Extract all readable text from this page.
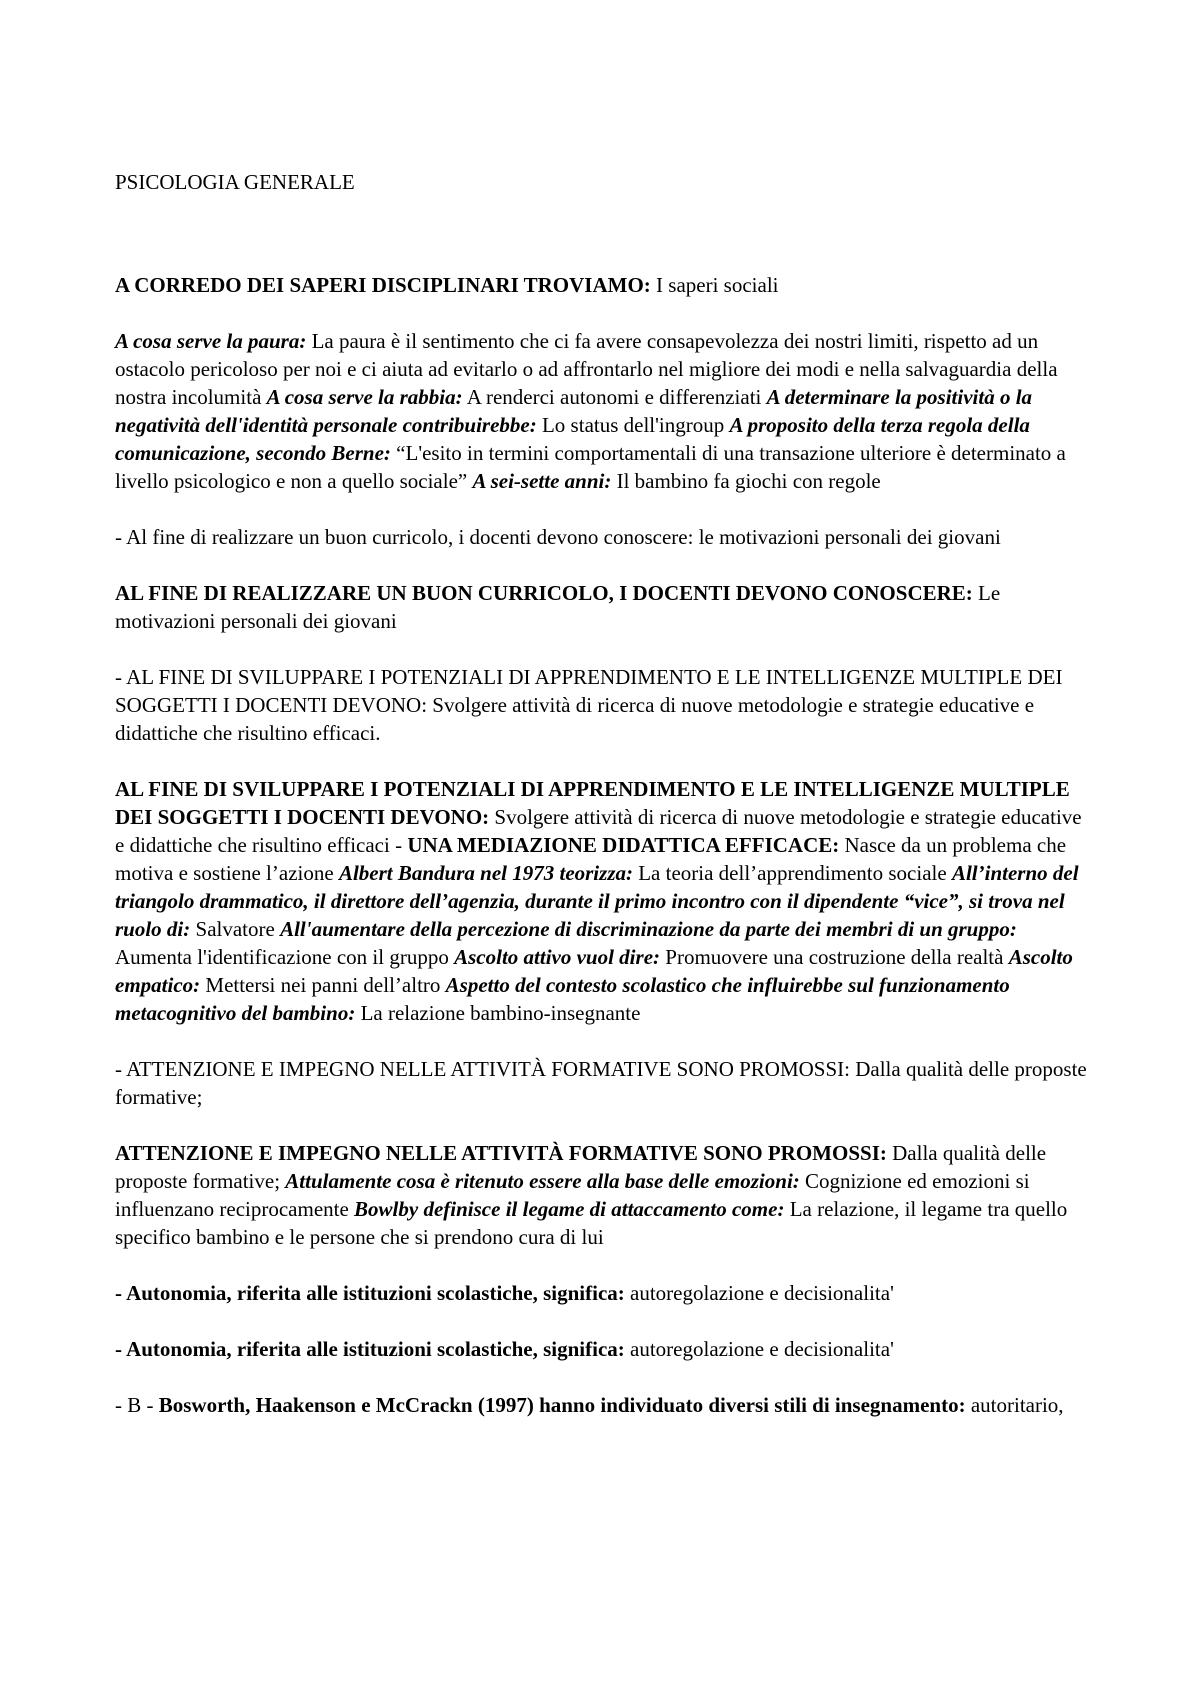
PSICOLOGIA GENERALE

A CORREDO DEI SAPERI DISCIPLINARI TROVIAMO: I saperi sociali

A cosa serve la paura: La paura è il sentimento che ci fa avere consapevolezza dei nostri limiti, rispetto ad un ostacolo pericoloso per noi e ci aiuta ad evitarlo o ad affrontarlo nel migliore dei modi e nella salvaguardia della nostra incolumità A cosa serve la rabbia: A renderci autonomi e differenziati A determinare la positività o la negatività dell'identità personale contribuirebbe: Lo status dell'ingroup A proposito della terza regola della comunicazione, secondo Berne: “L'esito in termini comportamentali di una transazione ulteriore è determinato a livello psicologico e non a quello sociale” A sei-sette anni: Il bambino fa giochi con regole

- Al fine di realizzare un buon curricolo, i docenti devono conoscere: le motivazioni personali dei giovani

AL FINE DI REALIZZARE UN BUON CURRICOLO, I DOCENTI DEVONO CONOSCERE: Le motivazioni personali dei giovani

- AL FINE DI SVILUPPARE I POTENZIALI DI APPRENDIMENTO E LE INTELLIGENZE MULTIPLE DEI SOGGETTI I DOCENTI DEVONO: Svolgere attività di ricerca di nuove metodologie e strategie educative e didattiche che risultino efficaci.

AL FINE DI SVILUPPARE I POTENZIALI DI APPRENDIMENTO E LE INTELLIGENZE MULTIPLE DEI SOGGETTI I DOCENTI DEVONO: Svolgere attività di ricerca di nuove metodologie e strategie educative e didattiche che risultino efficaci - UNA MEDIAZIONE DIDATTICA EFFICACE: Nasce da un problema che motiva e sostiene l’azione Albert Bandura nel 1973 teorizza: La teoria dell’apprendimento sociale All’interno del triangolo drammatico, il direttore dell’agenzia, durante il primo incontro con il dipendente “vice”, si trova nel ruolo di: Salvatore All'aumentare della percezione di discriminazione da parte dei membri di un gruppo: Aumenta l'identificazione con il gruppo Ascolto attivo vuol dire: Promuovere una costruzione della realtà Ascolto empatico: Mettersi nei panni dell’altro Aspetto del contesto scolastico che influirebbe sul funzionamento metacognitivo del bambino: La relazione bambino-insegnante

- ATTENZIONE E IMPEGNO NELLE ATTIVITÀ FORMATIVE SONO PROMOSSI: Dalla qualità delle proposte formative;

ATTENZIONE E IMPEGNO NELLE ATTIVITÀ FORMATIVE SONO PROMOSSI: Dalla qualità delle proposte formative; Attulamente cosa è ritenuto essere alla base delle emozioni: Cognizione ed emozioni si influenzano reciprocamente Bowlby definisce il legame di attaccamento come: La relazione, il legame tra quello specifico bambino e le persone che si prendono cura di lui

- Autonomia, riferita alle istituzioni scolastiche, significa: autoregolazione e decisionalita'

- Autonomia, riferita alle istituzioni scolastiche, significa: autoregolazione e decisionalita'

- B - Bosworth, Haakenson e McCrackn (1997) hanno individuato diversi stili di insegnamento: autoritario,
